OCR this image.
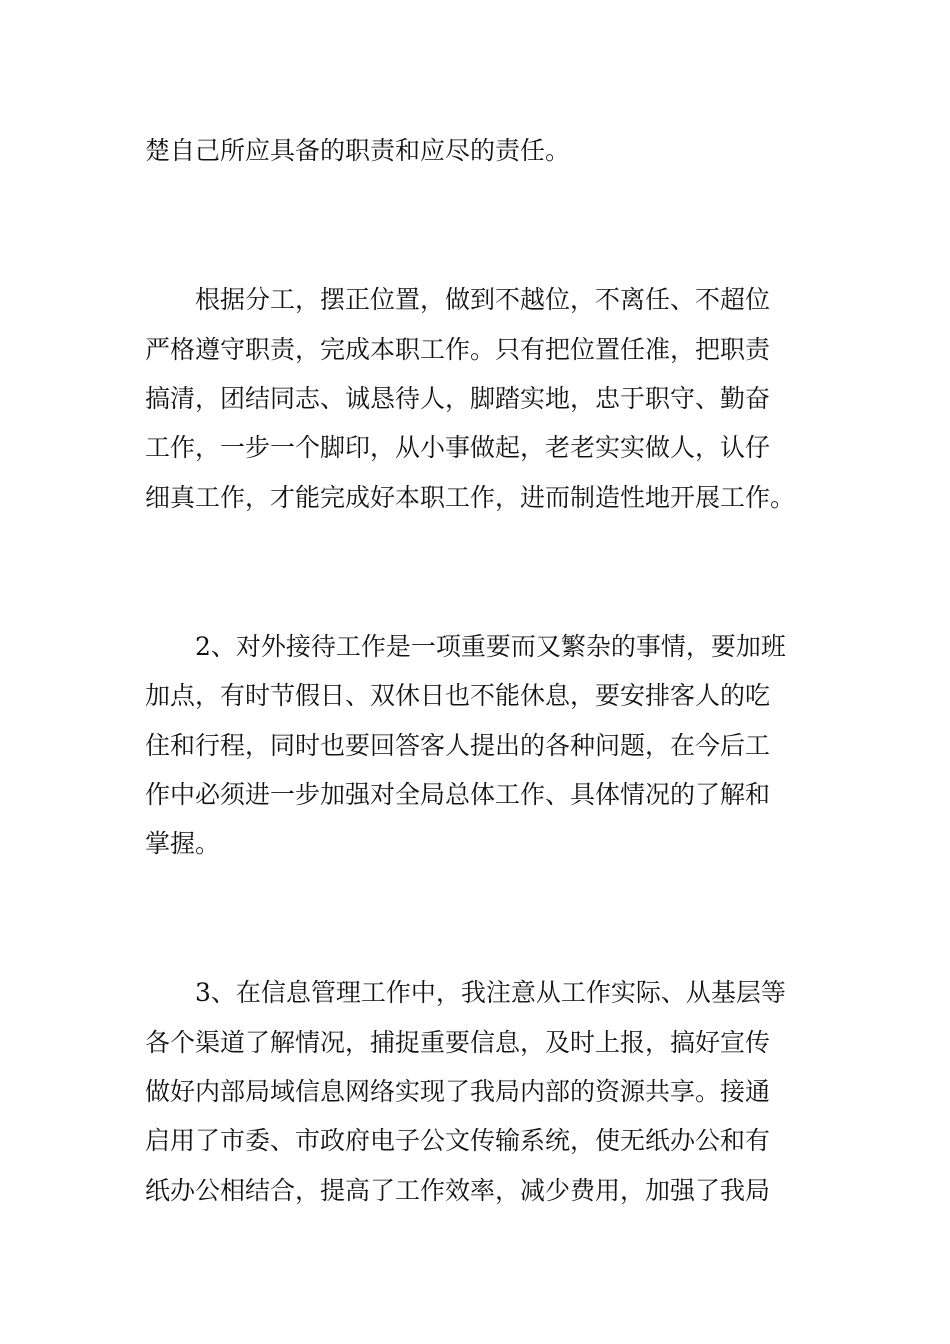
楚自己所应具备的职责和应尽的责任。
　　根据分工，摆正位置，做到不越位，不离任、不超位
严格遵守职责，完成本职工作。只有把位置任准，把职责
搞清，团结同志、诚恳待人，脚踏实地，忠于职守、勤奋
工作，一步一个脚印，从小事做起，老老实实做人，认仔
细真工作，才能完成好本职工作，进而制造性地开展工作。
　　2、对外接待工作是一项重要而又繁杂的事情，要加班
加点，有时节假日、双休日也不能休息，要安排客人的吃
住和行程，同时也要回答客人提出的各种问题，在今后工
作中必须进一步加强对全局总体工作、具体情况的了解和
掌握。
　　3、在信息管理工作中，我注意从工作实际、从基层等
各个渠道了解情况，捕捉重要信息，及时上报，搞好宣传
做好内部局域信息网络实现了我局内部的资源共享。接通
启用了市委、市政府电子公文传输系统，使无纸办公和有
纸办公相结合，提高了工作效率，减少费用，加强了我局
